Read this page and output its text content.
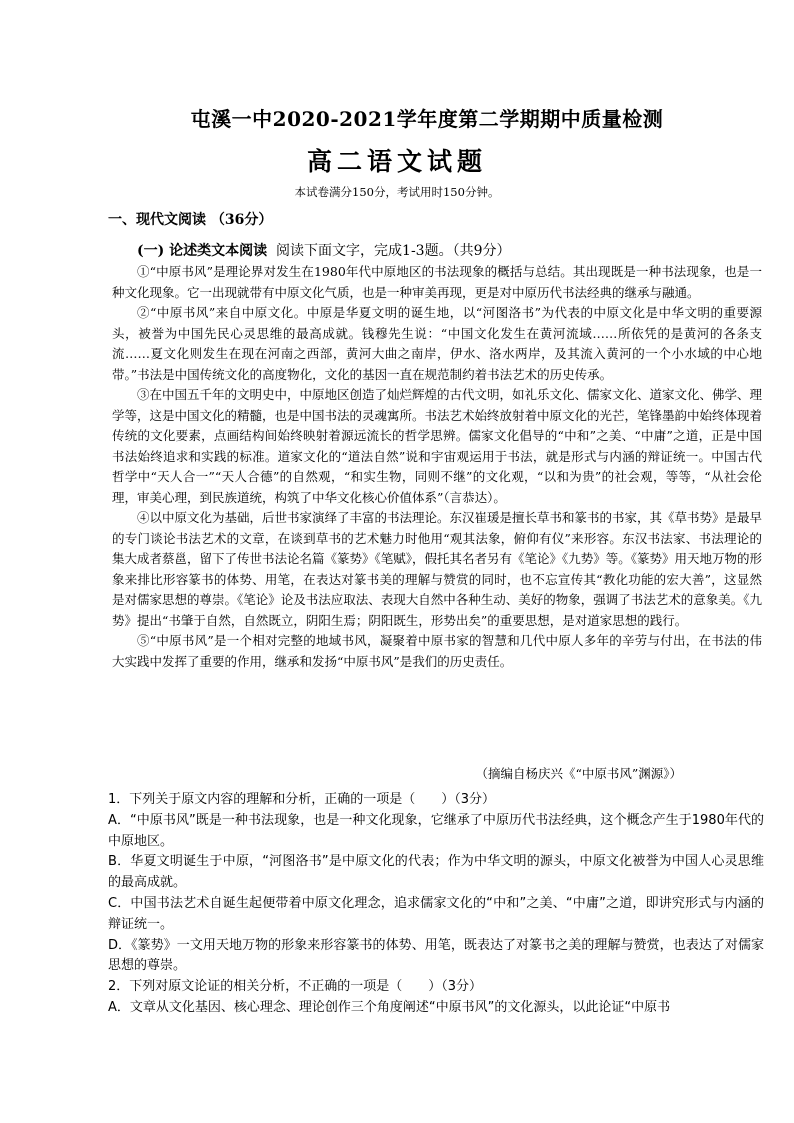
屯溪一中2020-2021学年度第二学期期中质量检测
高二语文试题
本试卷满分150分，考试用时150分钟。
一、现代文阅读 （36分）
(一) 论述类文本阅读 阅读下面文字，完成1-3题。（共9分）

①“中原书风”是理论界对发生在1980年代中原地区的书法现象的概括与总结。其出现既是一种书法现象，也是一种文化现象。它一出现就带有中原文化气质，也是一种审美再现，更是对中原历代书法经典的继承与融通。

②“中原书风”来自中原文化。中原是华夏文明的诞生地，以“河图洛书”为代表的中原文化是中华文明的重要源头，被誉为中国先民心灵思维的最高成就。钱穆先生说：“中国文化发生在黄河流域……所依凭的是黄河的各条支流……夏文化则发生在现在河南之西部，黄河大曲之南岸，伊水、洛水两岸，及其流入黄河的一个小水域的中心地带。”书法是中国传统文化的高度物化，文化的基因一直在规范制约着书法艺术的历史传承。

③在中国五千年的文明史中，中原地区创造了灿烂辉煌的古代文明，如礼乐文化、儒家文化、道家文化、佛学、理学等，这是中国文化的精髓，也是中国书法的灵魂寓所。书法艺术始终放射着中原文化的光芒，笔锋墨韵中始终体现着传统的文化要素，点画结构间始终映射着源远流长的哲学思辨。儒家文化倡导的“中和”之美、“中庸”之道，正是中国书法始终追求和实践的标准。道家文化的“道法自然”说和宇宙观运用于书法，就是形式与内涵的辩证统一。中国古代哲学中“天人合一”“天人合德”的自然观，“和实生物，同则不继”的文化观，“以和为贵”的社会观，等等，“从社会伦理，审美心理，到民族道统，构筑了中华文化核心价值体系”（言恭达）。

④以中原文化为基础，后世书家演绎了丰富的书法理论。东汉崔瑗是擅长草书和篆书的书家，其《草书势》是最早的专门谈论书法艺术的文章，在谈到草书的艺术魅力时他用“观其法象，俯仰有仪”来形容。东汉书法家、书法理论的集大成者蔡邕，留下了传世书法论名篇《篆势》《笔赋》，假托其名者另有《笔论》《九势》等。《篆势》用天地万物的形象来排比形容篆书的体势、用笔，在表达对篆书美的理解与赞赏的同时，也不忘宣传其“教化功能的宏大善”，这显然是对儒家思想的尊崇。《笔论》论及书法应取法、表现大自然中各种生动、美好的物象，强调了书法艺术的意象美。《九势》提出“书肇于自然，自然既立，阴阳生焉；阴阳既生，形势出矣”的重要思想，是对道家思想的践行。

⑤“中原书风”是一个相对完整的地域书风，凝聚着中原书家的智慧和几代中原人多年的辛劳与付出，在书法的伟大实践中发挥了重要的作用，继承和发扬“中原书风”是我们的历史责任。

（摘编自杨庆兴《“中原书风”渊源》）

1．下列关于原文内容的理解和分析，正确的一项是（　　）（3分）

A．“中原书风”既是一种书法现象，也是一种文化现象，它继承了中原历代书法经典，这个概念产生于1980年代的中原地区。

B．华夏文明诞生于中原，“河图洛书”是中原文化的代表；作为中华文明的源头，中原文化被誉为中国人心灵思维的最高成就。

C．中国书法艺术自诞生起便带着中原文化理念，追求儒家文化的“中和”之美、“中庸”之道，即讲究形式与内涵的辩证统一。

D．《篆势》一文用天地万物的形象来形容篆书的体势、用笔，既表达了对篆书之美的理解与赞赏，也表达了对儒家思想的尊崇。

2．下列对原文论证的相关分析，不正确的一项是（　　）（3分）

A．文章从文化基因、核心理念、理论创作三个角度阐述“中原书风”的文化源头，以此论证“中原书
